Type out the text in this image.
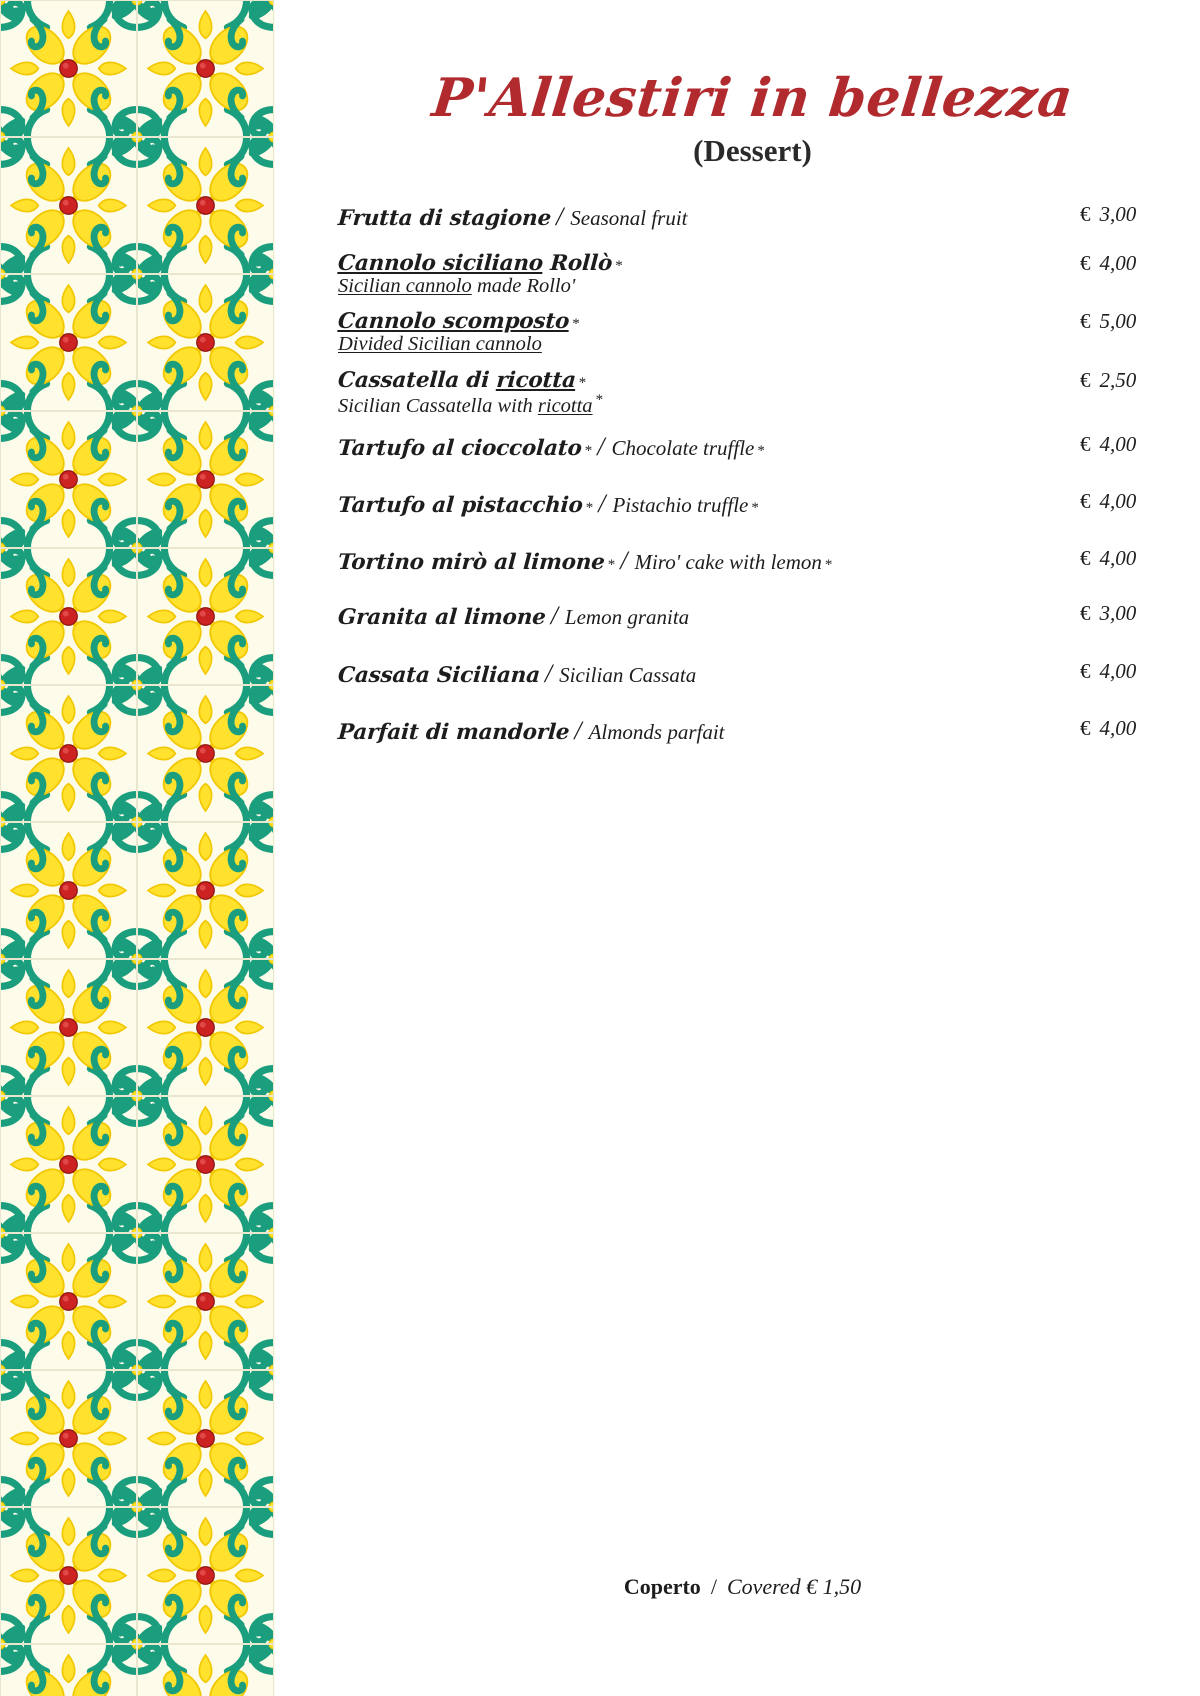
P'Allestiri in bellezza
(Dessert)
Frutta di stagione / Seasonal fruit	€ 3,00
Cannolo siciliano Rollò *	€ 4,00
Sicilian cannolo made Rollo'
Cannolo scomposto *	€ 5,00
Divided Sicilian cannolo
Cassatella di ricotta *	€ 2,50
Sicilian Cassatella with ricotta *
Tartufo al cioccolato * / Chocolate truffle *	€ 4,00
Tartufo al pistacchio * / Pistachio truffle *	€ 4,00
Tortino mirò al limone * / Miro' cake with lemon *	€ 4,00
Granita al limone / Lemon granita	€ 3,00
Cassata Siciliana / Sicilian Cassata	€ 4,00
Parfait di mandorle / Almonds parfait	€ 4,00
Coperto / Covered € 1,50
